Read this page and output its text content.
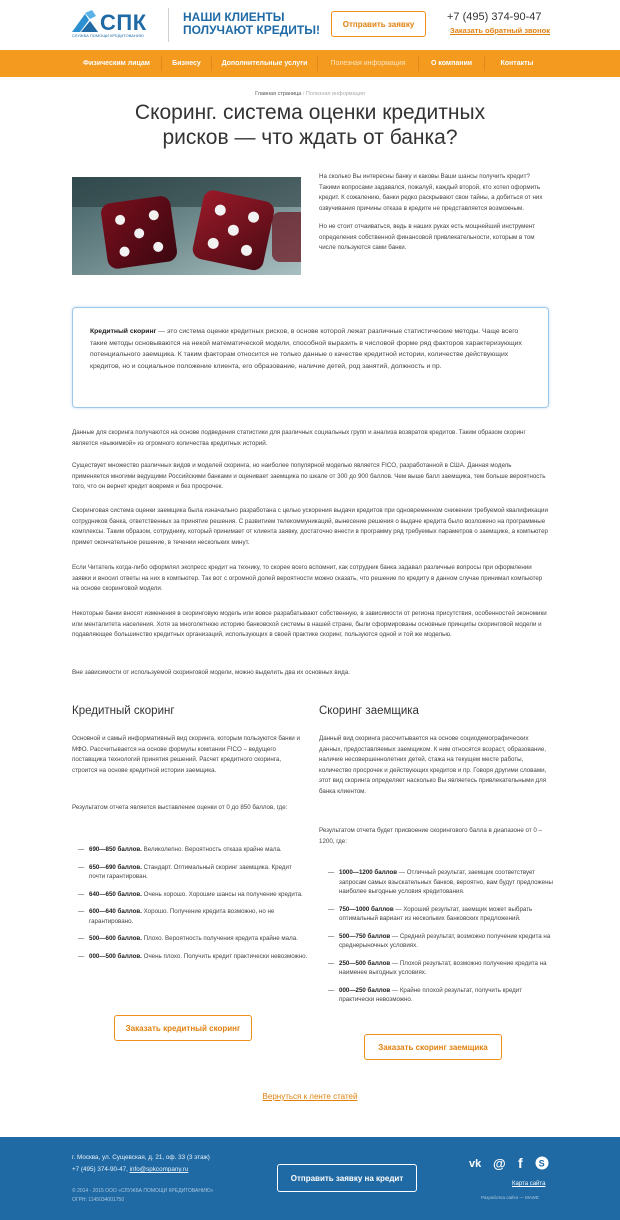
СПК
СЛУЖБА ПОМОЩИ КРЕДИТОВАНИЮ
НАШИ КЛИЕНТЫ ПОЛУЧАЮТ КРЕДИТЫ!	Отправить заявку
+7 (495) 374-90-47
Заказать обратный звонок
Физическим лицам	Бизнесу	Дополнительные услуги	Полезная информация	О компании	Контакты
Главная страница / Полезная информация
Скоринг. система оценки кредитных рисков — что ждать от банка?

На сколько Вы интересны банку и каковы Ваши шансы получить кредит? Такими вопросами задавался, пожалуй, каждый второй, кто хотел оформить кредит. К сожалению, банки редко раскрывают свои тайны, а добиться от них озвучивания причины отказа в кредите не представляется возможным.

Но не стоит отчаиваться, ведь в наших руках есть мощнейший инструмент определения собственной финансовой привлекательности, которым в том числе пользуются сами банки.

Кредитный скоринг — это система оценки кредитных рисков, в основе которой лежат различные статистические методы. Чаще всего такие методы основываются на некой математической модели, способной выразить в числовой форме ряд факторов характеризующих потенциального заемщика. К таким факторам относится не только данные о качестве кредитной истории, количестве действующих кредитов, но и социальное положение клиента, его образование, наличие детей, род занятий, должность и пр.

Данные для скоринга получаются на основе подведения статистики для различных социальных групп и анализа возвратов кредитов. Таким образом скоринг является «выжимкой» из огромного количества кредитных историй.

Существует множество различных видов и моделей скоринга, но наиболее популярной моделью является FICO, разработанной в США. Данная модель применяется многими ведущими Российскими банками и оценивает заемщика по шкале от 300 до 900 баллов. Чем выше балл заемщика, тем больше вероятность того, что он вернет кредит вовремя и без просрочек.

Скоринговая система оценки заемщика была изначально разработана с целью ускорения выдачи кредитов при одновременном снижении требуемой квалификации сотрудников банка, ответственных за принятие решения. С развитием телекоммуникаций, вынесение решения о выдаче кредита было возложено на программные комплексы. Таким образом, сотруднику, который принимает от клиента заявку, достаточно внести в программу ряд требуемых параметров о заемщике, а компьютер примет окончательное решение, в течении нескольких минут.

Если Читатель когда-либо оформлял экспресс кредит на технику, то скорее всего вспомнит, как сотрудник банка задавал различные вопросы при оформлении заявки и вносил ответы на них в компьютер. Так вот с огромной долей вероятности можно сказать, что решение по кредиту в данном случае принимал компьютер на основе скоринговой модели.

Некоторые банки вносят изменения в скоринговую модель или вовсе разрабатывают собственную, в зависимости от региона присутствия, особенностей экономики или менталитета населения. Хотя за многолетнюю историю банковской системы в нашей стране, были сформированы основные принципы скоринговой модели и подавляющее большинство кредитных организаций, использующих в своей практике скоринг, пользуются одной и той же моделью.

Вне зависимости от используемой скоринговой модели, можно выделить два их основных вида.

Кредитный скоринг

Основной и самый информативный вид скоринга, которым пользуются банки и МФО. Рассчитывается на основе формулы компании FICO – ведущего поставщика технологий принятия решений. Расчет кредитного скоринга, строится на основе кредитной истории заемщика.

Результатом отчета является выставление оценки от 0 до 850 баллов, где:

— 690—850 баллов. Великолепно. Вероятность отказа крайне мала.
— 650—690 баллов. Стандарт. Оптимальный скоринг заемщика. Кредит почти гарантирован.
— 640—650 баллов. Очень хорошо. Хорошие шансы на получение кредита.
— 600—640 баллов. Хорошо. Получение кредита возможно, но не гарантировано.
— 500—600 баллов. Плохо. Вероятность получения кредита крайне мала.
— 000—500 баллов. Очень плохо. Получить кредит практически невозможно.
Заказать кредитный скоринг
Скоринг заемщика

Данный вид скоринга рассчитывается на основе социодемографических данных, предоставляемых заемщиком. К ним относятся возраст, образование, наличие несовершеннолетних детей, стажа на текущем месте работы, количество просрочек и действующих кредитов и пр. Говоря другими словами, этот вид скоринга определяет насколько Вы являетесь привлекательными для банка клиентом.

Результатом отчета будет присвоение скорингового балла в диапазоне от 0 – 1200, где:

— 1000—1200 баллов — Отличный результат, заемщик соответствует запросам самых взыскательных банков, вероятно, вам будут предложены наиболее выгодные условия кредитования.
— 750—1000 баллов — Хороший результат, заемщик может выбрать оптимальный вариант из нескольких банковских предложений.
— 500—750 баллов — Средний результат, возможно получение кредита на среднерыночных условиях.
— 250—500 баллов — Плохой результат, возможно получение кредита на наименее выгодных условиях.
— 000—250 баллов — Крайне плохой результат, получить кредит практически невозможно.
Заказать скоринг заемщика
Вернуться к ленте статей
г. Москва, ул. Сущевская, д. 21, оф. 33 (3 этаж)
+7 (495) 374-90-47, info@spkcompany.ru
© 2014 - 2015 ООО «СЛУЖБА ПОМОЩИ КРЕДИТОВАНИЮ»
ОГРН: 1145034001750
Отправить заявку на кредит
vk @ f S
Карта сайта
Разработка сайта — MAWE
